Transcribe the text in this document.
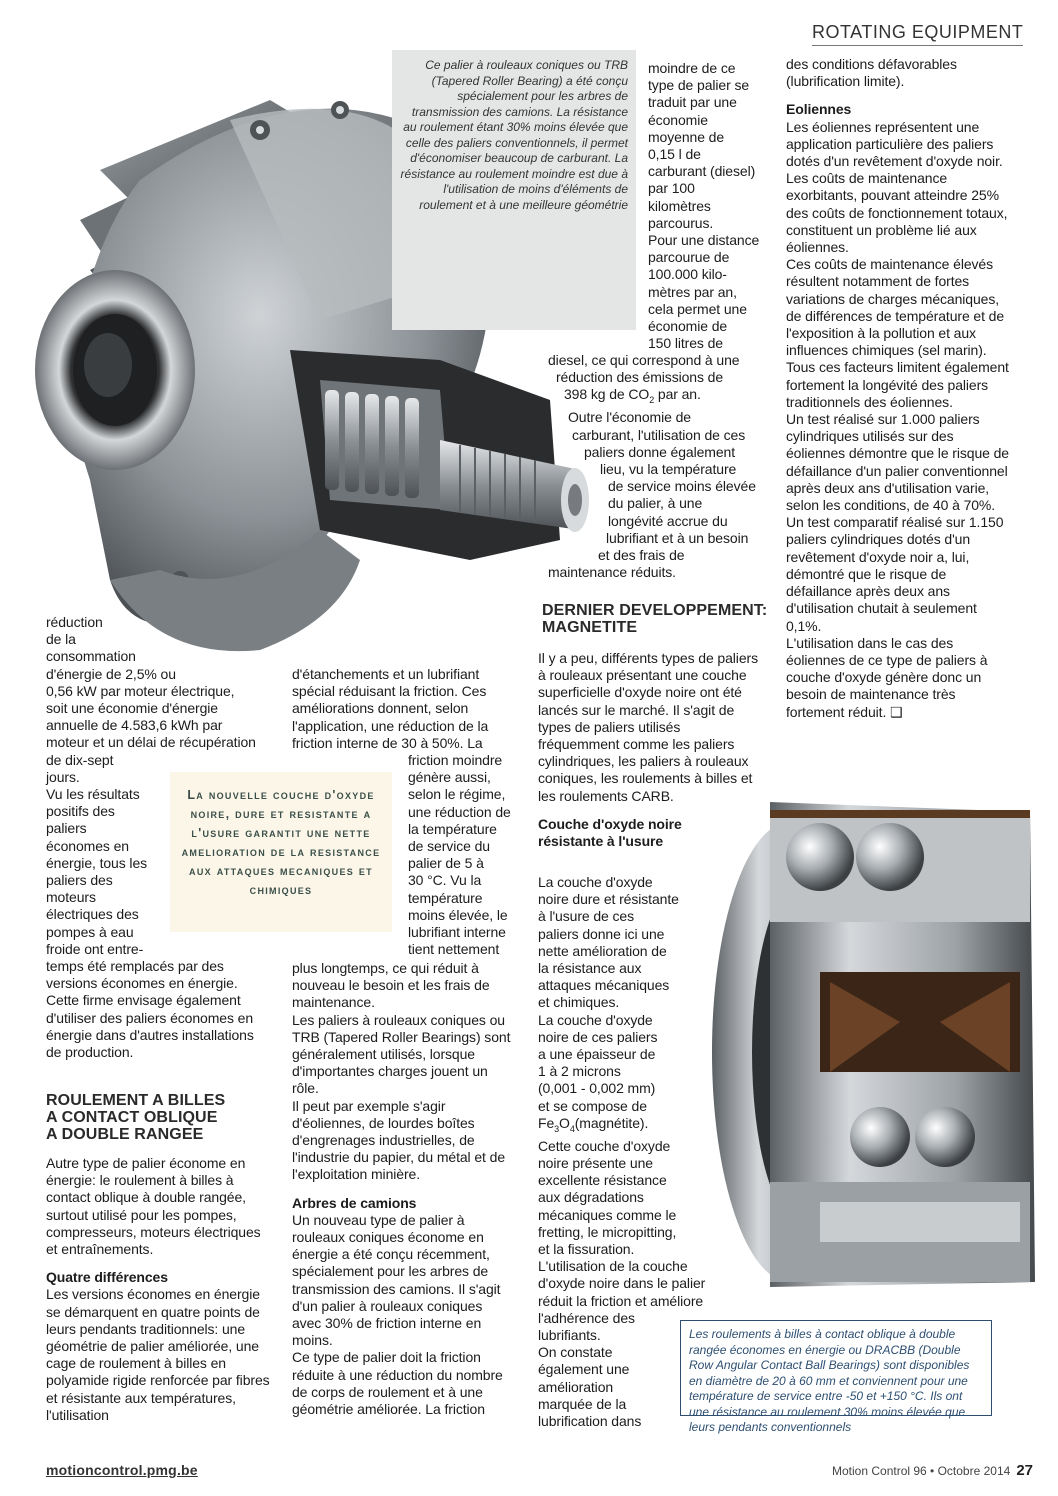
ROTATING EQUIPMENT
Ce palier à rouleaux coniques ou TRB (Tapered Roller Bearing) a été conçu spécialement pour les arbres de transmission des camions. La résistance au roulement étant 30% moins élevée que celle des paliers conventionnels, il permet d'économiser beaucoup de carburant. La résistance au roulement moindre est due à l'utilisation de moins d'éléments de roulement et à une meilleure géométrie
Les roulements à billes à contact oblique à double rangée économes en énergie ou DRACBB (Double Row Angular Contact Ball Bearings) sont disponibles en diamètre de 20 à 60 mm et conviennent pour une température de service entre -50 et +150 °C. Ils ont une résistance au roulement 30% moins élevée que leurs pendants conventionnels
La nouvelle couche d'oxyde noire, dure et resistante a l'usure garantit une nette amelioration de la resistance aux attaques mecaniques et chimiques

réduction

de la

consommation

d'énergie de 2,5% ou

0,56 kW par moteur électrique,

soit une économie d'énergie

annuelle de 4.583,6 kWh par

moteur et un délai de récupération

de dix-sept

jours.

Vu les résultats

positifs des

paliers

économes en

énergie, tous les

paliers des

moteurs

électriques des

pompes à eau

froide ont entre-

temps été remplacés par des

versions économes en énergie.

Cette firme envisage également

d'utiliser des paliers économes en

énergie dans d'autres installations

de production.

ROULEMENT A BILLES
A CONTACT OBLIQUE
A DOUBLE RANGEE

Autre type de palier économe en énergie: le roulement à billes à contact oblique à double rangée, surtout utilisé pour les pompes, compresseurs, moteurs électriques et entraînements.

Quatre différences

Les versions économes en énergie se démarquent en quatre points de leurs pendants traditionnels: une géométrie de palier améliorée, une cage de roulement à billes en polyamide rigide renforcée par fibres et résistante aux températures, l'utilisation

d'étanchements et un lubrifiant

spécial réduisant la friction. Ces

améliorations donnent, selon

l'application, une réduction de la

friction interne de 30 à 50%. La

friction moindre

génère aussi,

selon le régime,

une réduction de

la température

de service du

palier de 5 à

30 °C. Vu la

température

moins élevée, le

lubrifiant interne

tient nettement

plus longtemps, ce qui réduit à

nouveau le besoin et les frais de

maintenance.

Les paliers à rouleaux coniques ou TRB (Tapered Roller Bearings) sont généralement utilisés, lorsque d'importantes charges jouent un rôle.

Il peut par exemple s'agir d'éoliennes, de lourdes boîtes d'engrenages industrielles, de l'industrie du papier, du métal et de l'exploitation minière.

Arbres de camions

Un nouveau type de palier à rouleaux coniques économe en énergie a été conçu récemment, spécialement pour les arbres de transmission des camions. Il s'agit d'un palier à rouleaux coniques avec 30% de friction interne en moins.

Ce type de palier doit la friction réduite à une réduction du nombre de corps de roulement et à une géométrie améliorée. La friction

moindre de ce

type de palier se

traduit par une

économie

moyenne de

0,15 l de

carburant (diesel)

par 100

kilomètres

parcourus.

Pour une distance

parcourue de

100.000 kilo-

mètres par an,

cela permet une

économie de

150 litres de

diesel, ce qui correspond à une

réduction des émissions de

398 kg de $CO_2$ par an.

Outre l'économie de

carburant, l'utilisation de ces

paliers donne également

lieu, vu la température

de service moins élevée

du palier, à une

longévité accrue du

lubrifiant et à un besoin

et des frais de

maintenance réduits.

DERNIER DEVELOPPEMENT:
MAGNETITE

Il y a peu, différents types de paliers à rouleaux présentant une couche superficielle d'oxyde noire ont été lancés sur le marché. Il s'agit de types de paliers utilisés fréquemment comme les paliers cylindriques, les paliers à rouleaux coniques, les roulements à billes et les roulements CARB.

Couche d'oxyde noire

résistante à l'usure

La couche d'oxyde

noire dure et résistante

à l'usure de ces

paliers donne ici une

nette amélioration de

la résistance aux

attaques mécaniques

et chimiques.

La couche d'oxyde

noire de ces paliers

a une épaisseur de

1 à 2 microns

(0,001 - 0,002 mm)

et se compose de

$Fe_3O_4(magnétite)$.

Cette couche d'oxyde

noire présente une

excellente résistance

aux dégradations

mécaniques comme le

fretting, le micropitting,

et la fissuration.

L'utilisation de la couche

d'oxyde noire dans le palier

réduit la friction et améliore

l'adhérence des

lubrifiants.

On constate

également une

amélioration

marquée de la

lubrification dans

des conditions défavorables (lubrification limite).

Eoliennes

Les éoliennes représentent une application particulière des paliers dotés d'un revêtement d'oxyde noir. Les coûts de maintenance exorbitants, pouvant atteindre 25% des coûts de fonctionnement totaux, constituent un problème lié aux éoliennes.

Ces coûts de maintenance élevés résultent notamment de fortes variations de charges mécaniques, de différences de température et de l'exposition à la pollution et aux influences chimiques (sel marin). Tous ces facteurs limitent également fortement la longévité des paliers traditionnels des éoliennes.

Un test réalisé sur 1.000 paliers cylindriques utilisés sur des éoliennes démontre que le risque de défaillance d'un palier conventionnel après deux ans d'utilisation varie, selon les conditions, de 40 à 70%.

Un test comparatif réalisé sur 1.150 paliers cylindriques dotés d'un revêtement d'oxyde noir a, lui, démontré que le risque de défaillance après deux ans d'utilisation chutait à seulement 0,1%.

L'utilisation dans le cas des éoliennes de ce type de paliers à couche d'oxyde génère donc un besoin de maintenance très fortement réduit. ❑

motioncontrol.pmg.be	Motion Control 96 • Octobre 2014 27
